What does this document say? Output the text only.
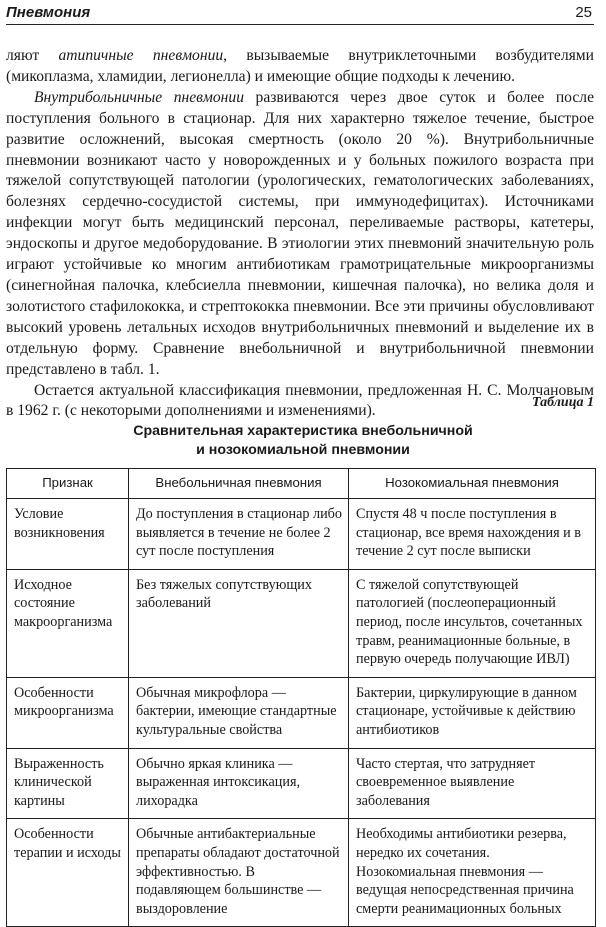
Пневмония	25

ляют атипичные пневмонии, вызываемые внутриклеточными возбудителями (микоплазма, хламидии, легионелла) и имеющие общие подходы к лечению.

Внутрибольничные пневмонии развиваются через двое суток и более после поступления больного в стационар. Для них характерно тяжелое течение, быстрое развитие осложнений, высокая смертность (около 20 %). Внутрибольничные пневмонии возникают часто у новорожденных и у больных пожилого возраста при тяжелой сопутствующей патологии (урологических, гематологических заболеваниях, болезнях сердечно-сосудистой системы, при иммунодефицитах). Источниками инфекции могут быть медицинский персонал, переливаемые растворы, катетеры, эндоскопы и другое медоборудование. В этиологии этих пневмоний значительную роль играют устойчивые ко многим антибиотикам грамотрицательные микроорганизмы (синегнойная палочка, клебсиелла пневмонии, кишечная палочка), но велика доля и золотистого стафилококка, и стрептококка пневмонии. Все эти причины обусловливают высокий уровень летальных исходов внутрибольничных пневмоний и выделение их в отдельную форму. Сравнение внебольничной и внутрибольничной пневмонии представлено в табл. 1.

Остается актуальной классификация пневмонии, предложенная Н. С. Молчановым в 1962 г. (с некоторыми дополнениями и изменениями).	Таблица 1
Сравнительная характеристика внебольничной
и нозокомиальной пневмонии
Признак	Внебольничная пневмония	Нозокомиальная пневмония
Условие возникновения	До поступления в стационар либо выявляется в течение не более 2 сут после поступления	Спустя 48 ч после поступления в стационар, все время нахождения и в течение 2 сут после выписки
Исходное состояние макроорганизма	Без тяжелых сопутствующих заболеваний	С тяжелой сопутствующей патологией (послеоперационный период, после инсультов, сочетанных травм, реанимационные больные, в первую очередь получающие ИВЛ)
Особенности микроорганизма	Обычная микрофлора — бактерии, имеющие стандартные культуральные свойства	Бактерии, циркулирующие в данном стационаре, устойчивые к действию антибиотиков
Выраженность клинической картины	Обычно яркая клиника — выраженная интоксикация, лихорадка	Часто стертая, что затрудняет своевременное выявление заболевания
Особенности терапии и исходы	Обычные антибактериальные препараты обладают достаточной эффективностью. В подавляющем большинстве — выздоровление	Необходимы антибиотики резерва, нередко их сочетания. Нозокомиальная пневмония — ведущая непосредственная причина смерти реанимационных больных
